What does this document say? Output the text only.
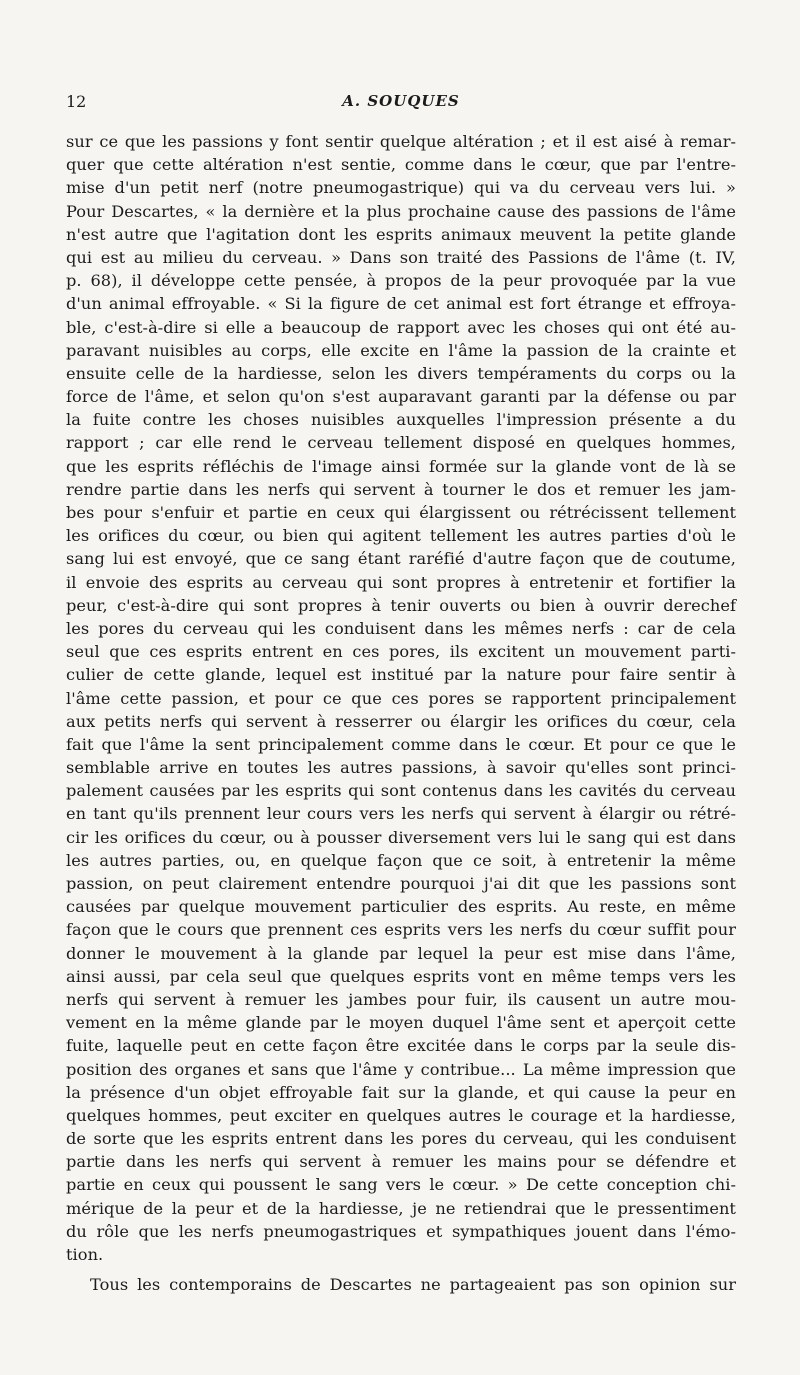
12	A. SOUQUES
sur ce que les passions y font sentir quelque altération ; et il est aisé à remar-
quer que cette altération n'est sentie, comme dans le cœur, que par l'entre-
mise d'un petit nerf (notre pneumogastrique) qui va du cerveau vers lui. »
Pour Descartes, « la dernière et la plus prochaine cause des passions de l'âme
n'est autre que l'agitation dont les esprits animaux meuvent la petite glande
qui est au milieu du cerveau. » Dans son traité des Passions de l'âme (t. IV,
p. 68), il développe cette pensée, à propos de la peur provoquée par la vue
d'un animal effroyable. « Si la figure de cet animal est fort étrange et effroya-
ble, c'est-à-dire si elle a beaucoup de rapport avec les choses qui ont été au-
paravant nuisibles au corps, elle excite en l'âme la passion de la crainte et
ensuite celle de la hardiesse, selon les divers tempéraments du corps ou la
force de l'âme, et selon qu'on s'est auparavant garanti par la défense ou par
la fuite contre les choses nuisibles auxquelles l'impression présente a du
rapport ; car elle rend le cerveau tellement disposé en quelques hommes,
que les esprits réfléchis de l'image ainsi formée sur la glande vont de là se
rendre partie dans les nerfs qui servent à tourner le dos et remuer les jam-
bes pour s'enfuir et partie en ceux qui élargissent ou rétrécissent tellement
les orifices du cœur, ou bien qui agitent tellement les autres parties d'où le
sang lui est envoyé, que ce sang étant raréfié d'autre façon que de coutume,
il envoie des esprits au cerveau qui sont propres à entretenir et fortifier la
peur, c'est-à-dire qui sont propres à tenir ouverts ou bien à ouvrir derechef
les pores du cerveau qui les conduisent dans les mêmes nerfs : car de cela
seul que ces esprits entrent en ces pores, ils excitent un mouvement parti-
culier de cette glande, lequel est institué par la nature pour faire sentir à
l'âme cette passion, et pour ce que ces pores se rapportent principalement
aux petits nerfs qui servent à resserrer ou élargir les orifices du cœur, cela
fait que l'âme la sent principalement comme dans le cœur. Et pour ce que le
semblable arrive en toutes les autres passions, à savoir qu'elles sont princi-
palement causées par les esprits qui sont contenus dans les cavités du cerveau
en tant qu'ils prennent leur cours vers les nerfs qui servent à élargir ou rétré-
cir les orifices du cœur, ou à pousser diversement vers lui le sang qui est dans
les autres parties, ou, en quelque façon que ce soit, à entretenir la même
passion, on peut clairement entendre pourquoi j'ai dit que les passions sont
causées par quelque mouvement particulier des esprits. Au reste, en même
façon que le cours que prennent ces esprits vers les nerfs du cœur suffit pour
donner le mouvement à la glande par lequel la peur est mise dans l'âme,
ainsi aussi, par cela seul que quelques esprits vont en même temps vers les
nerfs qui servent à remuer les jambes pour fuir, ils causent un autre mou-
vement en la même glande par le moyen duquel l'âme sent et aperçoit cette
fuite, laquelle peut en cette façon être excitée dans le corps par la seule dis-
position des organes et sans que l'âme y contribue... La même impression que
la présence d'un objet effroyable fait sur la glande, et qui cause la peur en
quelques hommes, peut exciter en quelques autres le courage et la hardiesse,
de sorte que les esprits entrent dans les pores du cerveau, qui les conduisent
partie dans les nerfs qui servent à remuer les mains pour se défendre et
partie en ceux qui poussent le sang vers le cœur. » De cette conception chi-
mérique de la peur et de la hardiesse, je ne retiendrai que le pressentiment
du rôle que les nerfs pneumogastriques et sympathiques jouent dans l'émo-
tion.
Tous les contemporains de Descartes ne partageaient pas son opinion sur
